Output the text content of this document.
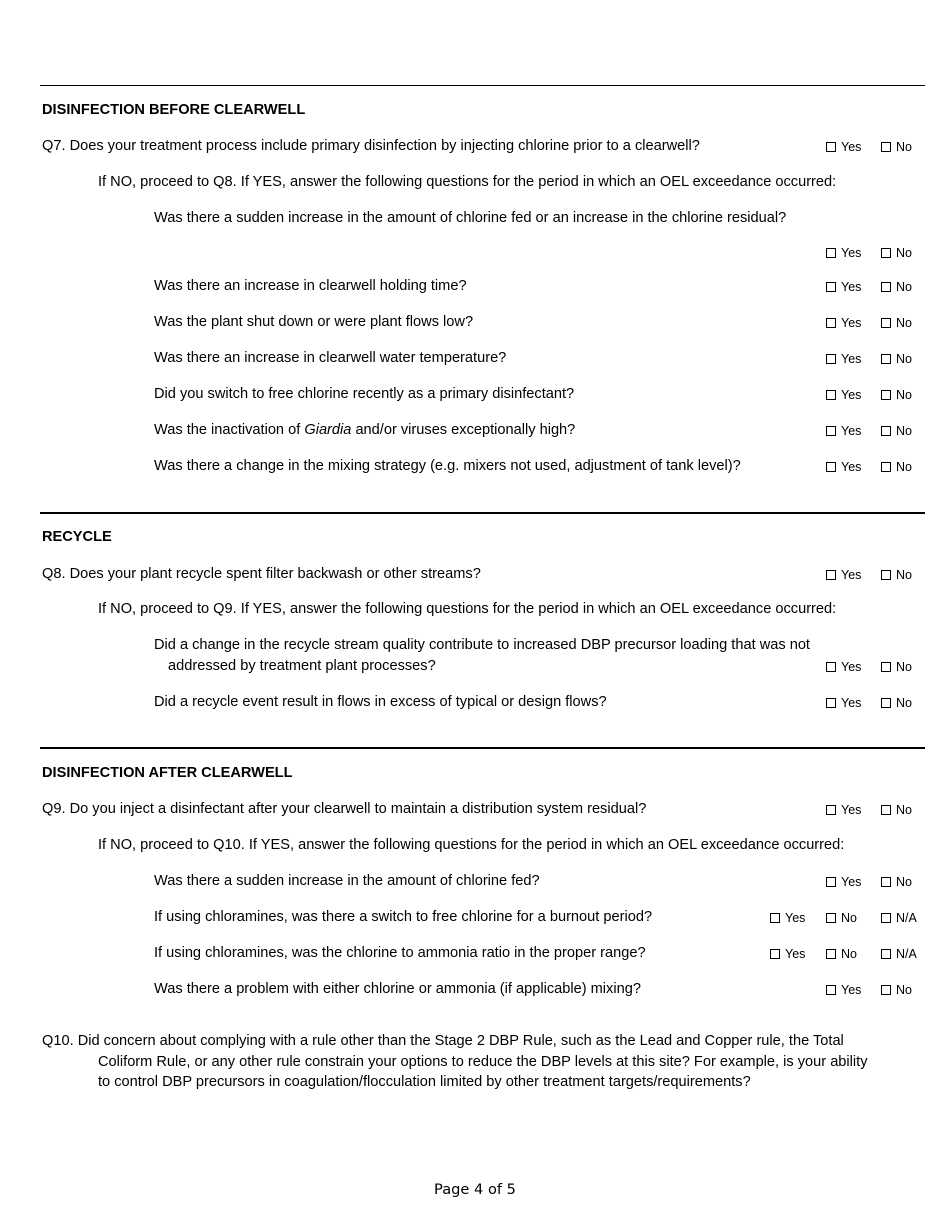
DISINFECTION BEFORE CLEARWELL
Q7. Does your treatment process include primary disinfection by injecting chlorine prior to a clearwell?	Yes	No
If NO, proceed to Q8. If YES, answer the following questions for the period in which an OEL exceedance occurred:
Was there a sudden increase in the amount of chlorine fed or an increase in the chlorine residual?
Yes	No
Was there an increase in clearwell holding time?	Yes	No
Was the plant shut down or were plant flows low?	Yes	No
Was there an increase in clearwell water temperature?	Yes	No
Did you switch to free chlorine recently as a primary disinfectant?	Yes	No
Was the inactivation of Giardia and/or viruses exceptionally high?	Yes	No
Was there a change in the mixing strategy (e.g. mixers not used, adjustment of tank level)?	Yes	No
RECYCLE
Q8. Does your plant recycle spent filter backwash or other streams?	Yes	No
If NO, proceed to Q9. If YES, answer the following questions for the period in which an OEL exceedance occurred:
Did a change in the recycle stream quality contribute to increased DBP precursor loading that was not
addressed by treatment plant processes?	Yes	No
Did a recycle event result in flows in excess of typical or design flows?	Yes	No
DISINFECTION AFTER CLEARWELL
Q9. Do you inject a disinfectant after your clearwell to maintain a distribution system residual?	Yes	No
If NO, proceed to Q10. If YES, answer the following questions for the period in which an OEL exceedance occurred:
Was there a sudden increase in the amount of chlorine fed?	Yes	No
If using chloramines, was there a switch to free chlorine for a burnout period?	Yes	No	N/A
If using chloramines, was the chlorine to ammonia ratio in the proper range?	Yes	No	N/A
Was there a problem with either chlorine or ammonia (if applicable) mixing?	Yes	No
Q10. Did concern about complying with a rule other than the Stage 2 DBP Rule, such as the Lead and Copper rule, the Total
Coliform Rule, or any other rule constrain your options to reduce the DBP levels at this site? For example, is your ability
to control DBP precursors in coagulation/flocculation limited by other treatment targets/requirements?
Page 4 of 5
